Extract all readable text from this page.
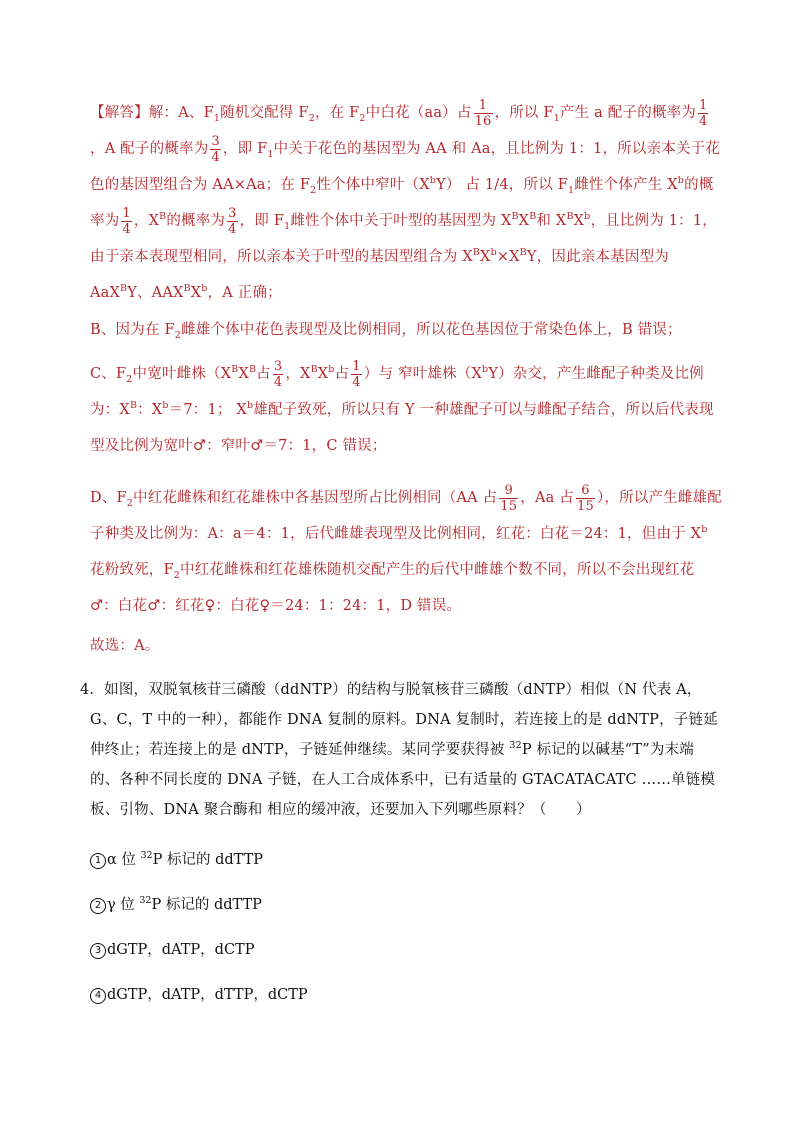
【解答】解：A、$F_1$随机交配得 $F_2$，在 $F_2$中白花（aa）占 $\frac{1}{16}$ ，所以 $F_1$产生 a 配子的概率为 $\frac{1}{4}$
，A 配子的概率为 $\frac{3}{4}$ ，即 $F_1$中关于花色的基因型为 AA 和 Aa，且比例为 1：1，所以亲本关于花色的基因型组合为 AA×Aa；在 $F_2$性个体中窄叶$(X^bY)$ 占 1/4，所以 $F_1$雌性个体产生 $X^b$的概率为 $\frac{1}{4}$ ，$X^B$的概率为 $\frac{3}{4}$ ，即 $F_1$雌性个体中关于叶型的基因型为 $X^BX^B$和 $X^BX^b$，且比例为 1：1，由于亲本表现型相同，所以亲本关于叶型的基因型组合为 $X^BX^b\times X^BY$，因此亲本基因型为 AaX$^B$Y、$AAX^BX^b$，A 正确；
B、因为在 $F_2$雌雄个体中花色表现型及比例相同，所以花色基因位于常染色体上，B 错误；
C、$F_2$中宽叶雌株（$X^BX^B$占 $\frac{3}{4}$ ，$X^BX^b$占 $\frac{1}{4}$ ）与 窄叶雄株$(X^bY)$杂交，产生雌配子种类及比例为：$X^B$：$X^b=7$：1； $X^b$雄配子致死，所以只有 Y 一种雄配子可以与雌配子结合，所以后代表现型及比例为宽叶♂：窄叶♂＝7：1，C 错误；
D、$F_2$中红花雌株和红花雄株中各基因型所占比例相同（AA 占 $\frac{9}{15}$ ，Aa 占 $\frac{6}{15}$ ），所以产生雌雄配子种类及比例为：A：a＝4：1，后代雌雄表现型及比例相同，红花：白花＝24：1，但由于 $X^b$花粉致死，$F_2$中红花雌株和红花雄株随机交配产生的后代中雌雄个数不同，所以不会出现红花♂：白花♂：红花♀：白花♀＝24：1：24：1，D 错误。
故选：A。
4．如图，双脱氧核苷三磷酸（ddNTP）的结构与脱氧核苷三磷酸（dNTP）相似（N 代表 A，G、C，T 中的一种），都能作 DNA 复制的原料。DNA 复制时，若连接上的是 ddNTP，子链延伸终止；若连接上的是 dNTP，子链延伸继续。某同学要获得被 $^{32}$P 标记的以碱基“T”为末端的、各种不同长度的 DNA 子链，在人工合成体系中，已有适量的 GTACATACATC ……单链模板、引物、DNA 聚合酶和 相应的缓冲液，还要加入下列哪些原料？（　　）
1 α 位 $^{32}$P 标记的 ddTTP
2 γ 位 $^{32}$P 标记的 ddTTP
3 dGTP，dATP，dCTP
4 dGTP，dATP，dTTP，dCTP
